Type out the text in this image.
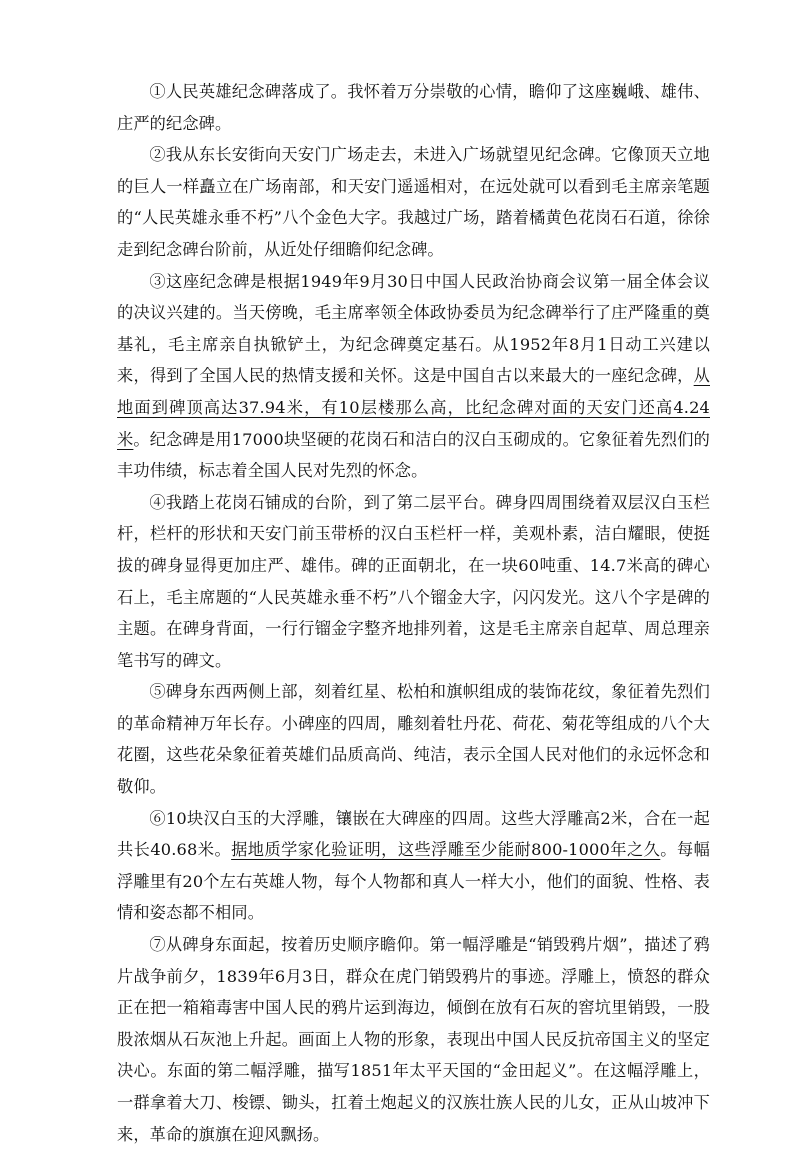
①人民英雄纪念碑落成了。我怀着万分崇敬的心情，瞻仰了这座巍峨、雄伟、庄严的纪念碑。

②我从东长安街向天安门广场走去，未进入广场就望见纪念碑。它像顶天立地的巨人一样矗立在广场南部，和天安门遥遥相对，在远处就可以看到毛主席亲笔题的“人民英雄永垂不朽”八个金色大字。我越过广场，踏着橘黄色花岗石石道，徐徐走到纪念碑台阶前，从近处仔细瞻仰纪念碑。

③这座纪念碑是根据1949年9月30日中国人民政治协商会议第一届全体会议的决议兴建的。当天傍晚，毛主席率领全体政协委员为纪念碑举行了庄严隆重的奠基礼，毛主席亲自执锨铲土，为纪念碑奠定基石。从1952年8月1日动工兴建以来，得到了全国人民的热情支援和关怀。这是中国自古以来最大的一座纪念碑，从地面到碑顶高达37.94米，有10层楼那么高，比纪念碑对面的天安门还高4.24米。纪念碑是用17000块坚硬的花岗石和洁白的汉白玉砌成的。它象征着先烈们的丰功伟绩，标志着全国人民对先烈的怀念。

④我踏上花岗石铺成的台阶，到了第二层平台。碑身四周围绕着双层汉白玉栏杆，栏杆的形状和天安门前玉带桥的汉白玉栏杆一样，美观朴素，洁白耀眼，使挺拔的碑身显得更加庄严、雄伟。碑的正面朝北，在一块60吨重、14.7米高的碑心石上，毛主席题的“人民英雄永垂不朽”八个镏金大字，闪闪发光。这八个字是碑的主题。在碑身背面，一行行镏金字整齐地排列着，这是毛主席亲自起草、周总理亲笔书写的碑文。

⑤碑身东西两侧上部，刻着红星、松柏和旗帜组成的装饰花纹，象征着先烈们的革命精神万年长存。小碑座的四周，雕刻着牡丹花、荷花、菊花等组成的八个大花圈，这些花朵象征着英雄们品质高尚、纯洁，表示全国人民对他们的永远怀念和敬仰。

⑥10块汉白玉的大浮雕，镶嵌在大碑座的四周。这些大浮雕高2米，合在一起共长40.68米。据地质学家化验证明，这些浮雕至少能耐800-1000年之久。每幅浮雕里有20个左右英雄人物，每个人物都和真人一样大小，他们的面貌、性格、表情和姿态都不相同。

⑦从碑身东面起，按着历史顺序瞻仰。第一幅浮雕是“销毁鸦片烟”，描述了鸦片战争前夕，1839年6月3日，群众在虎门销毁鸦片的事迹。浮雕上，愤怒的群众正在把一箱箱毒害中国人民的鸦片运到海边，倾倒在放有石灰的窖坑里销毁，一股股浓烟从石灰池上升起。画面上人物的形象，表现出中国人民反抗帝国主义的坚定决心。东面的第二幅浮雕，描写1851年太平天国的“金田起义”。在这幅浮雕上，一群拿着大刀、梭镖、锄头，扛着土炮起义的汉族壮族人民的儿女，正从山坡冲下来，革命的旗旗在迎风飘扬。
